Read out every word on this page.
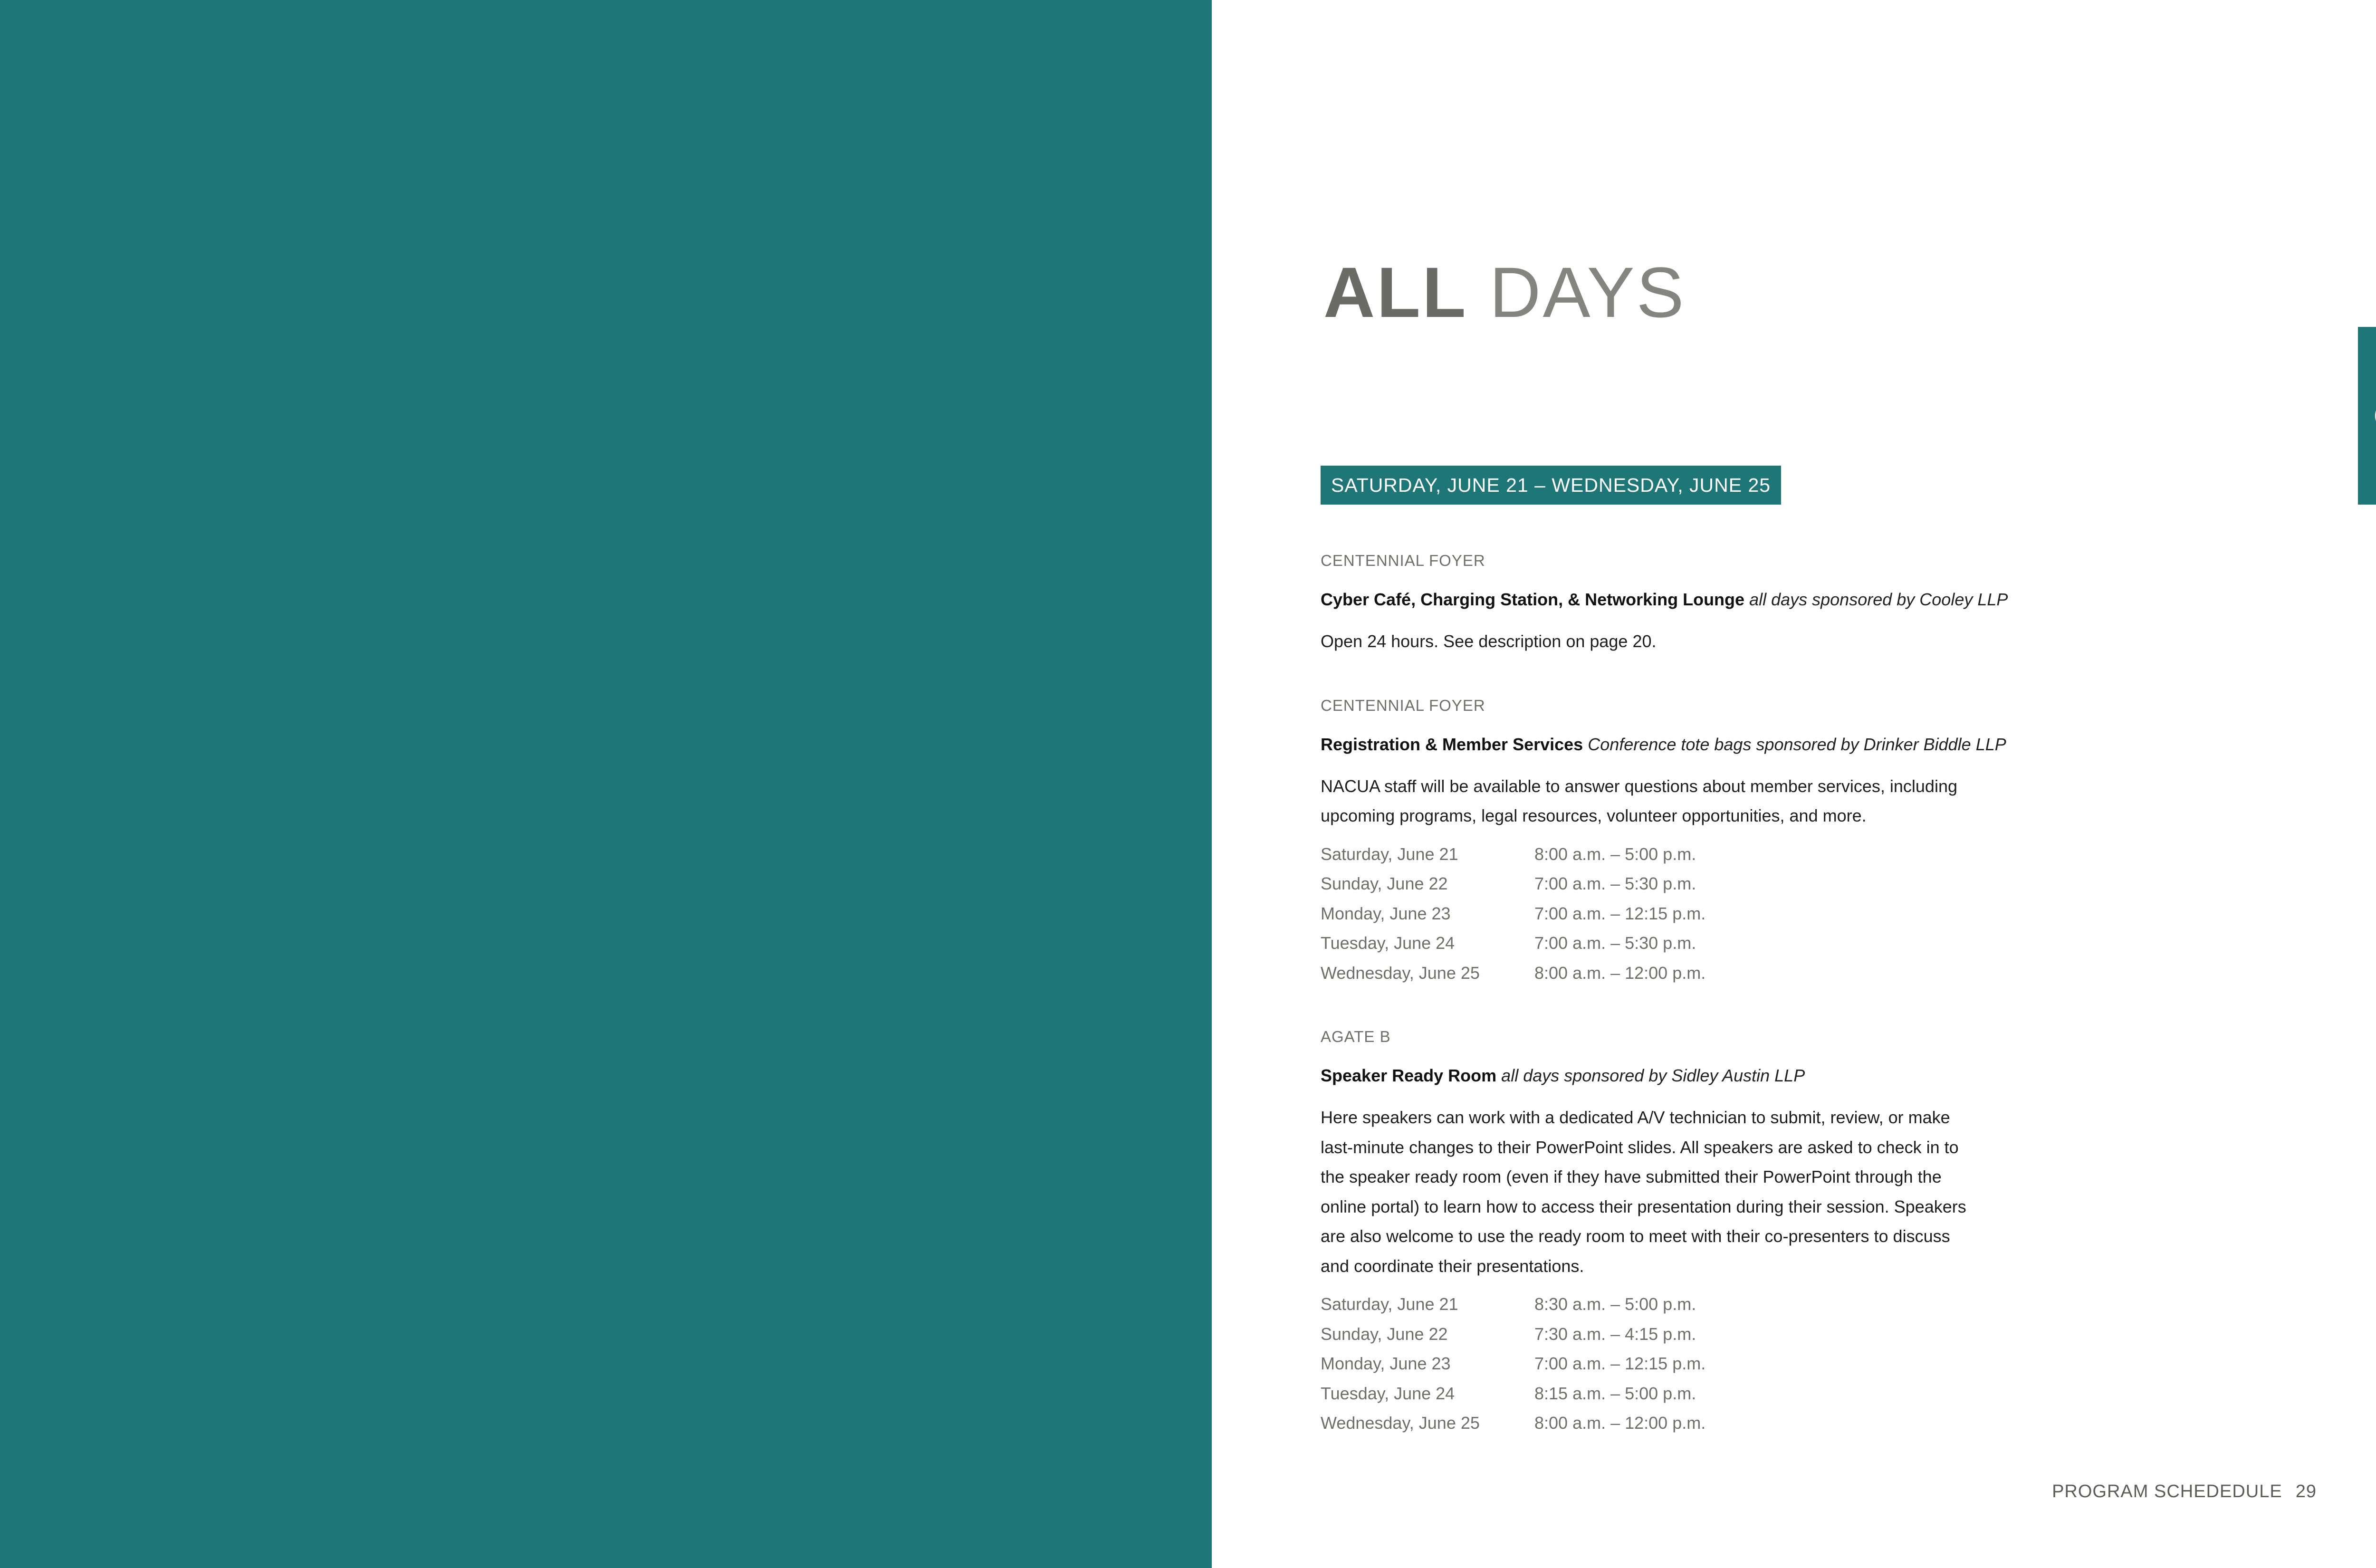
ALL DAYS
SATURDAY, JUNE 21 – WEDNESDAY, JUNE 25
CENTENNIAL FOYER
Cyber Café, Charging Station, & Networking Lounge all days sponsored by Cooley LLP

Open 24 hours. See description on page 20.

CENTENNIAL FOYER
Registration & Member Services Conference tote bags sponsored by Drinker Biddle LLP

NACUA staff will be available to answer questions about member services, including upcoming programs, legal resources, volunteer opportunities, and more.

Saturday, June 21	8:00 a.m. – 5:00 p.m.
Sunday, June 22	7:00 a.m. – 5:30 p.m.
Monday, June 23	7:00 a.m. – 12:15 p.m.
Tuesday, June 24	7:00 a.m. – 5:30 p.m.
Wednesday, June 25	8:00 a.m. – 12:00 p.m.
AGATE B
Speaker Ready Room all days sponsored by Sidley Austin LLP

Here speakers can work with a dedicated A/V technician to submit, review, or make last-minute changes to their PowerPoint slides. All speakers are asked to check in to the speaker ready room (even if they have submitted their PowerPoint through the online portal) to learn how to access their presentation during their session. Speakers are also welcome to use the ready room to meet with their co-presenters to discuss and coordinate their presentations.

Saturday, June 21	8:30 a.m. – 5:00 p.m.
Sunday, June 22	7:30 a.m. – 4:15 p.m.
Monday, June 23	7:00 a.m. – 12:15 p.m.
Tuesday, June 24	8:15 a.m. – 5:00 p.m.
Wednesday, June 25	8:00 a.m. – 12:00 p.m.
PROGRAM SCHEDEDULE 29
